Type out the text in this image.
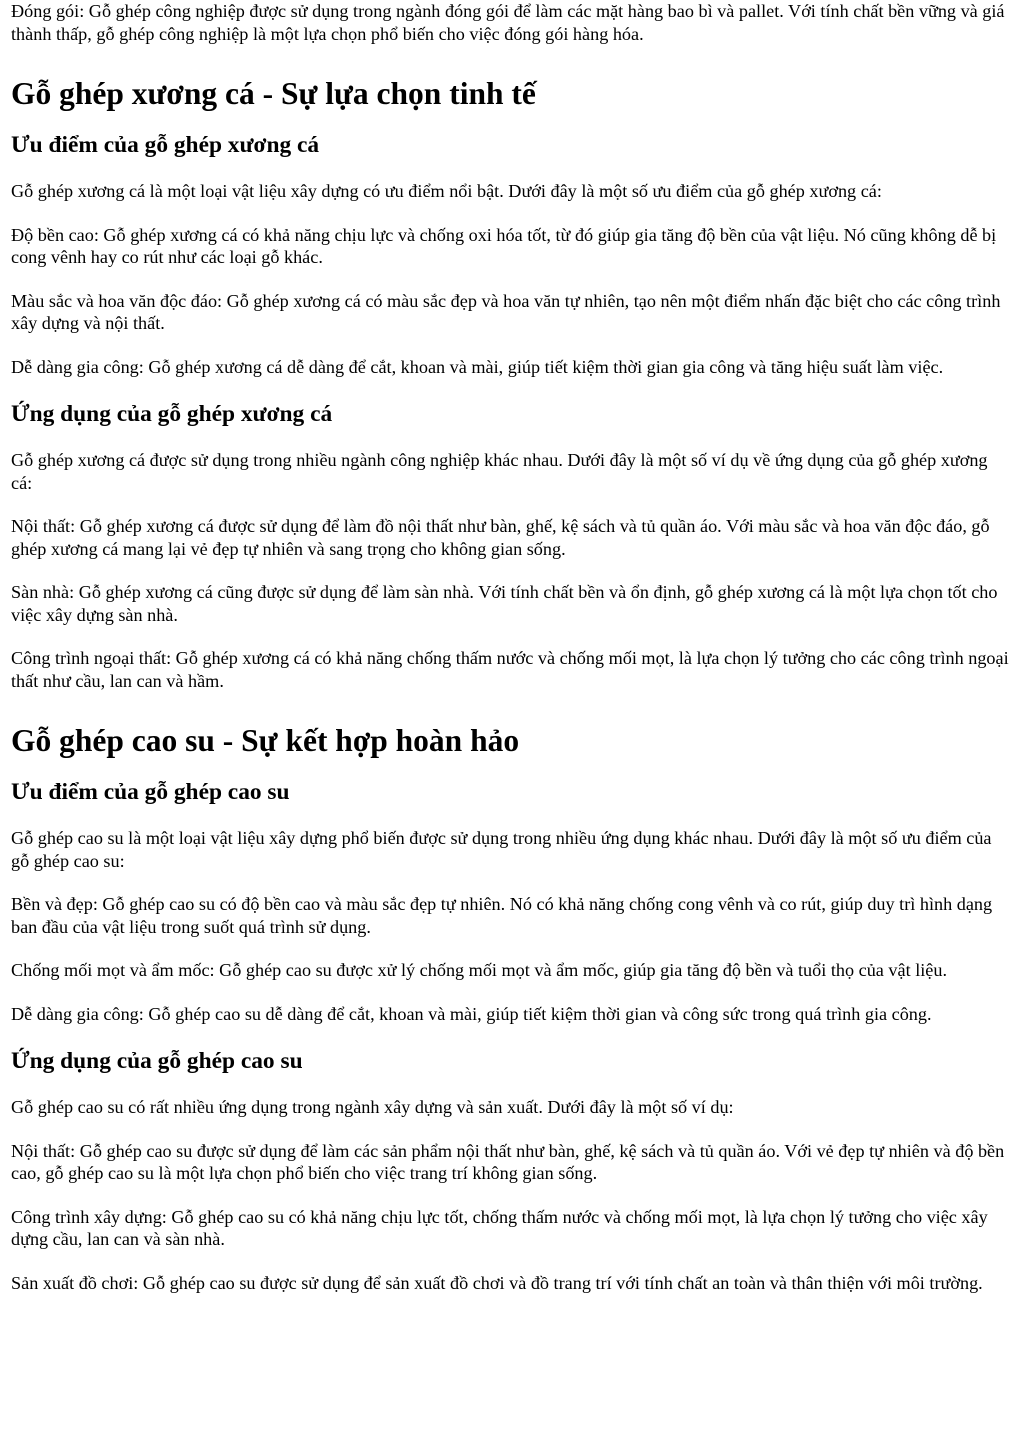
Đóng gói: Gỗ ghép công nghiệp được sử dụng trong ngành đóng gói để làm các mặt hàng bao bì và pallet. Với tính chất bền vững và giá thành thấp, gỗ ghép công nghiệp là một lựa chọn phổ biến cho việc đóng gói hàng hóa.

Gỗ ghép xương cá - Sự lựa chọn tinh tế
Ưu điểm của gỗ ghép xương cá

Gỗ ghép xương cá là một loại vật liệu xây dựng có ưu điểm nổi bật. Dưới đây là một số ưu điểm của gỗ ghép xương cá:

Độ bền cao: Gỗ ghép xương cá có khả năng chịu lực và chống oxi hóa tốt, từ đó giúp gia tăng độ bền của vật liệu. Nó cũng không dễ bị cong vênh hay co rút như các loại gỗ khác.

Màu sắc và hoa văn độc đáo: Gỗ ghép xương cá có màu sắc đẹp và hoa văn tự nhiên, tạo nên một điểm nhấn đặc biệt cho các công trình xây dựng và nội thất.

Dễ dàng gia công: Gỗ ghép xương cá dễ dàng để cắt, khoan và mài, giúp tiết kiệm thời gian gia công và tăng hiệu suất làm việc.

Ứng dụng của gỗ ghép xương cá

Gỗ ghép xương cá được sử dụng trong nhiều ngành công nghiệp khác nhau. Dưới đây là một số ví dụ về ứng dụng của gỗ ghép xương cá:

Nội thất: Gỗ ghép xương cá được sử dụng để làm đồ nội thất như bàn, ghế, kệ sách và tủ quần áo. Với màu sắc và hoa văn độc đáo, gỗ ghép xương cá mang lại vẻ đẹp tự nhiên và sang trọng cho không gian sống.

Sàn nhà: Gỗ ghép xương cá cũng được sử dụng để làm sàn nhà. Với tính chất bền và ổn định, gỗ ghép xương cá là một lựa chọn tốt cho việc xây dựng sàn nhà.

Công trình ngoại thất: Gỗ ghép xương cá có khả năng chống thấm nước và chống mối mọt, là lựa chọn lý tưởng cho các công trình ngoại thất như cầu, lan can và hầm.

Gỗ ghép cao su - Sự kết hợp hoàn hảo
Ưu điểm của gỗ ghép cao su

Gỗ ghép cao su là một loại vật liệu xây dựng phổ biến được sử dụng trong nhiều ứng dụng khác nhau. Dưới đây là một số ưu điểm của gỗ ghép cao su:

Bền và đẹp: Gỗ ghép cao su có độ bền cao và màu sắc đẹp tự nhiên. Nó có khả năng chống cong vênh và co rút, giúp duy trì hình dạng ban đầu của vật liệu trong suốt quá trình sử dụng.

Chống mối mọt và ẩm mốc: Gỗ ghép cao su được xử lý chống mối mọt và ẩm mốc, giúp gia tăng độ bền và tuổi thọ của vật liệu.

Dễ dàng gia công: Gỗ ghép cao su dễ dàng để cắt, khoan và mài, giúp tiết kiệm thời gian và công sức trong quá trình gia công.

Ứng dụng của gỗ ghép cao su

Gỗ ghép cao su có rất nhiều ứng dụng trong ngành xây dựng và sản xuất. Dưới đây là một số ví dụ:

Nội thất: Gỗ ghép cao su được sử dụng để làm các sản phẩm nội thất như bàn, ghế, kệ sách và tủ quần áo. Với vẻ đẹp tự nhiên và độ bền cao, gỗ ghép cao su là một lựa chọn phổ biến cho việc trang trí không gian sống.

Công trình xây dựng: Gỗ ghép cao su có khả năng chịu lực tốt, chống thấm nước và chống mối mọt, là lựa chọn lý tưởng cho việc xây dựng cầu, lan can và sàn nhà.

Sản xuất đồ chơi: Gỗ ghép cao su được sử dụng để sản xuất đồ chơi và đồ trang trí với tính chất an toàn và thân thiện với môi trường.
